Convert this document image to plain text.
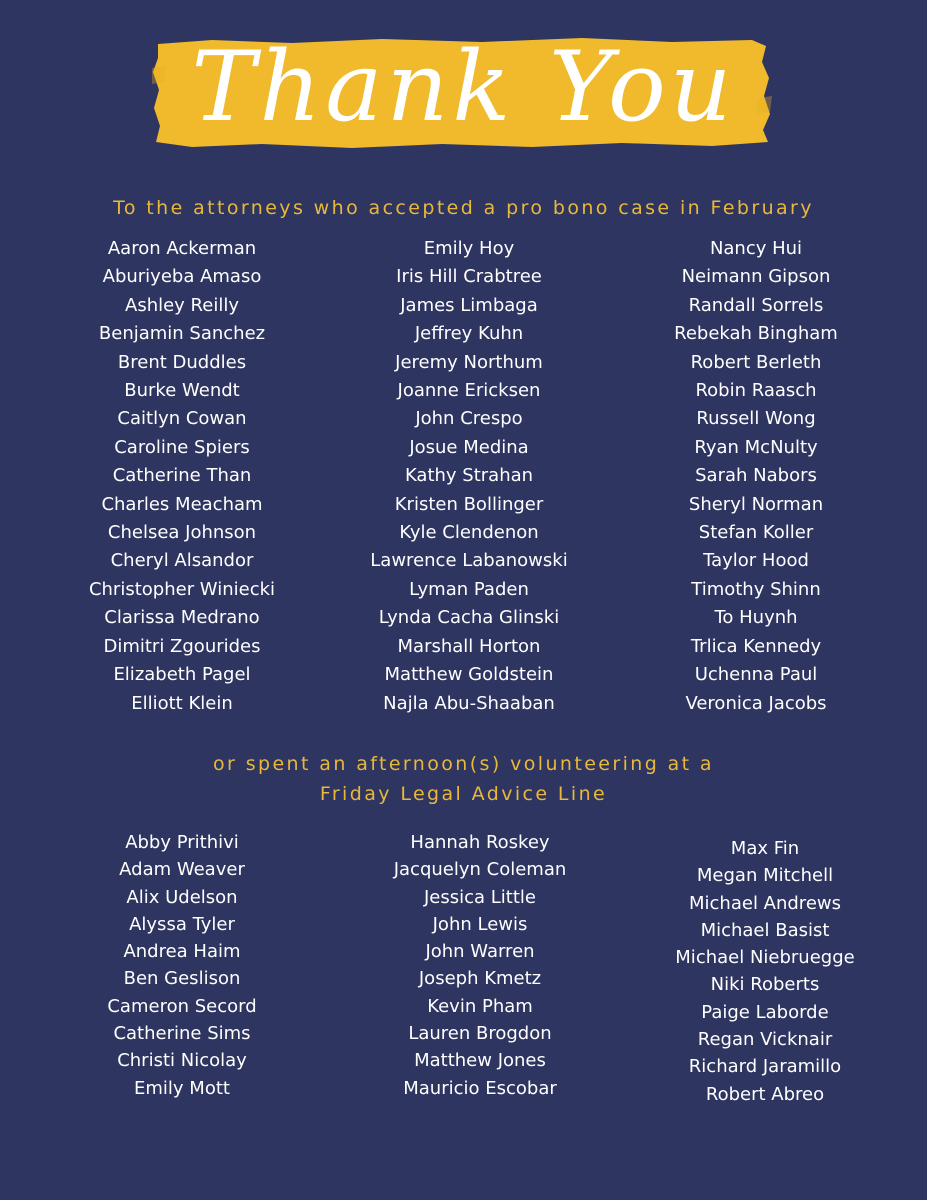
Thank You

To the attorneys who accepted a pro bono case in February

Aaron Ackerman
Aburiyeba Amaso
Ashley Reilly
Benjamin Sanchez
Brent Duddles
Burke Wendt
Caitlyn Cowan
Caroline Spiers
Catherine Than
Charles Meacham
Chelsea Johnson
Cheryl Alsandor
Christopher Winiecki
Clarissa Medrano
Dimitri Zgourides
Elizabeth Pagel
Elliott Klein
Emily Hoy
Iris Hill Crabtree
James Limbaga
Jeffrey Kuhn
Jeremy Northum
Joanne Ericksen
John Crespo
Josue Medina
Kathy Strahan
Kristen Bollinger
Kyle Clendenon
Lawrence Labanowski
Lyman Paden
Lynda Cacha Glinski
Marshall Horton
Matthew Goldstein
Najla Abu-Shaaban
Nancy Hui
Neimann Gipson
Randall Sorrels
Rebekah Bingham
Robert Berleth
Robin Raasch
Russell Wong
Ryan McNulty
Sarah Nabors
Sheryl Norman
Stefan Koller
Taylor Hood
Timothy Shinn
To Huynh
Trlica Kennedy
Uchenna Paul
Veronica Jacobs

or spent an afternoon(s) volunteering at a
Friday Legal Advice Line

Abby Prithivi
Adam Weaver
Alix Udelson
Alyssa Tyler
Andrea Haim
Ben Geslison
Cameron Secord
Catherine Sims
Christi Nicolay
Emily Mott
Hannah Roskey
Jacquelyn Coleman
Jessica Little
John Lewis
John Warren
Joseph Kmetz
Kevin Pham
Lauren Brogdon
Matthew Jones
Mauricio Escobar
Max Fin
Megan Mitchell
Michael Andrews
Michael Basist
Michael Niebruegge
Niki Roberts
Paige Laborde
Regan Vicknair
Richard Jaramillo
Robert Abreo
